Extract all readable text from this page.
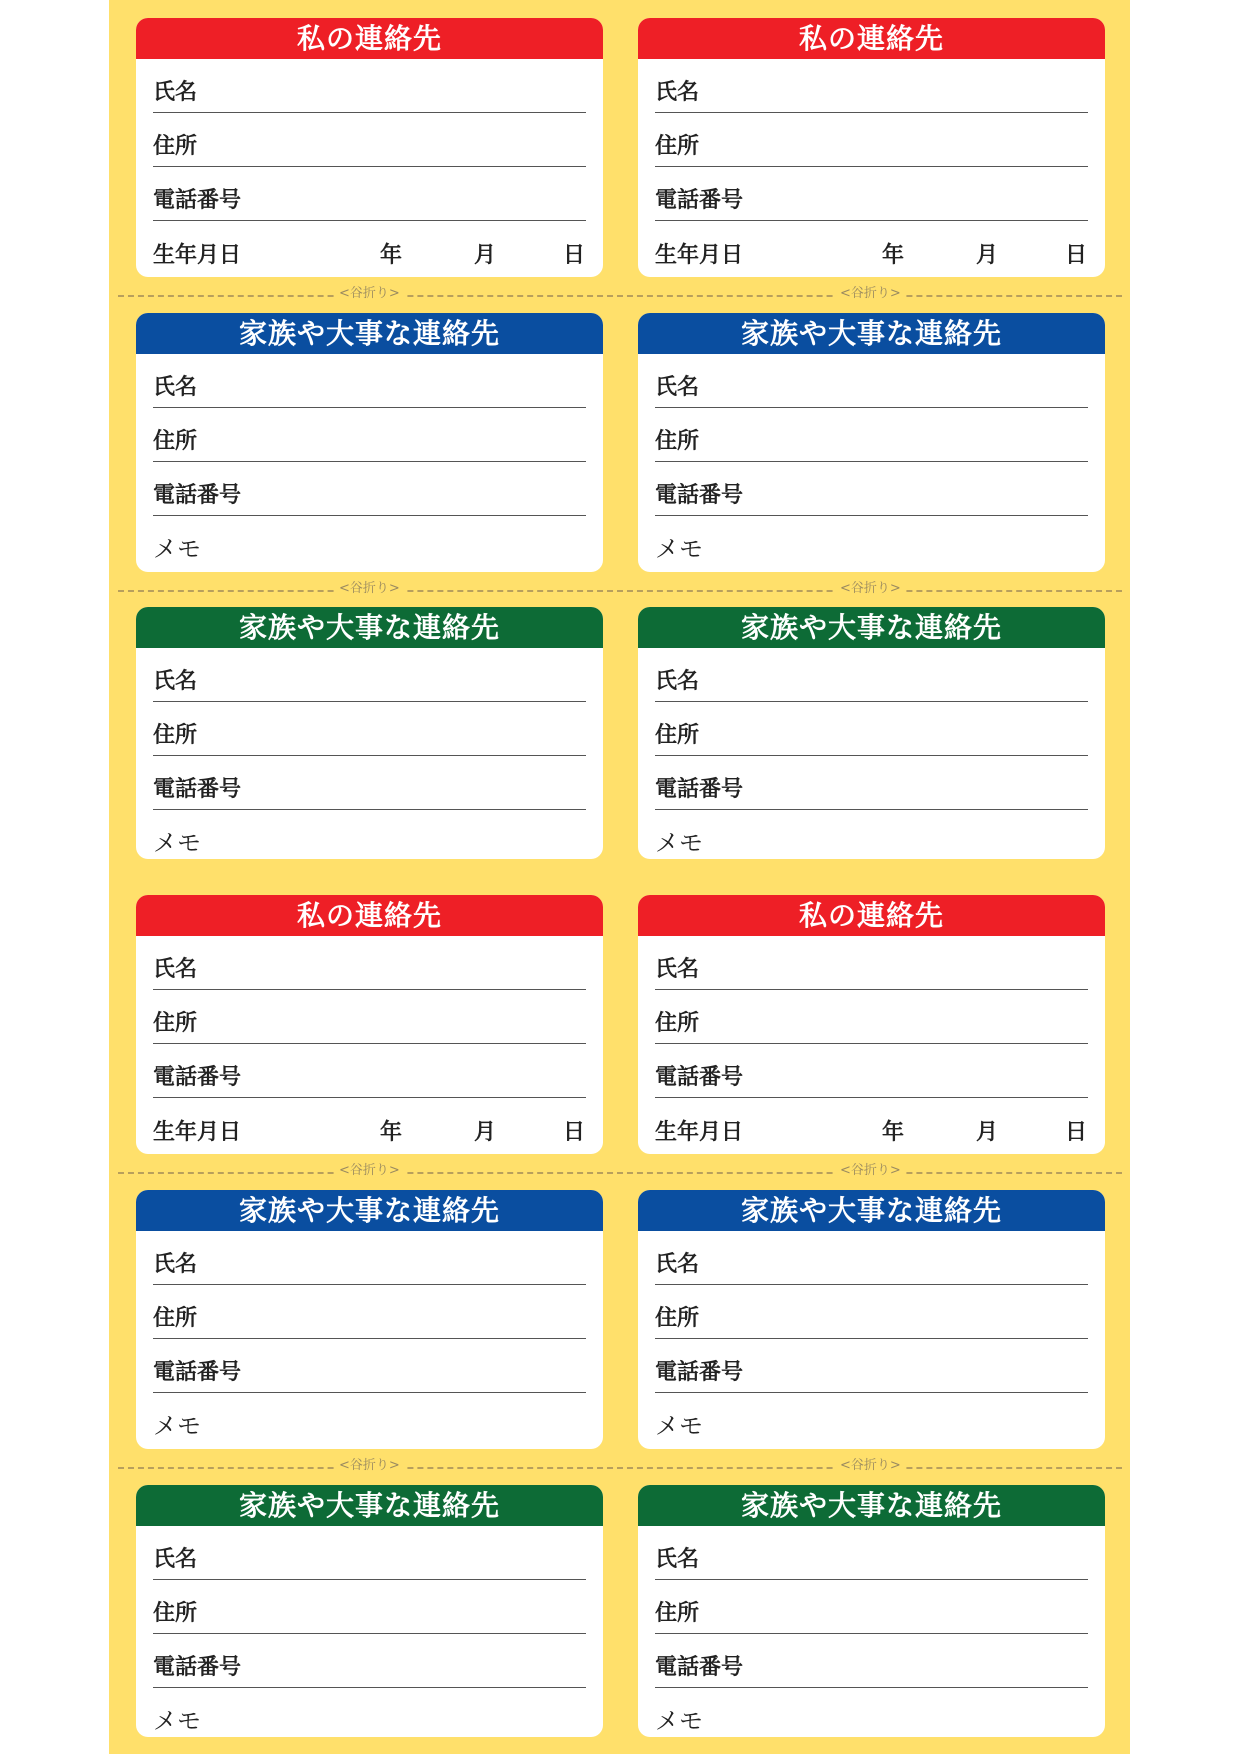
私の連絡先
氏名
住所
電話番号
生年月日	年	月	日
私の連絡先
氏名
住所
電話番号
生年月日	年	月	日
家族や大事な連絡先
氏名
住所
電話番号
メモ
家族や大事な連絡先
氏名
住所
電話番号
メモ
家族や大事な連絡先
氏名
住所
電話番号
メモ
家族や大事な連絡先
氏名
住所
電話番号
メモ
私の連絡先
氏名
住所
電話番号
生年月日	年	月	日
私の連絡先
氏名
住所
電話番号
生年月日	年	月	日
家族や大事な連絡先
氏名
住所
電話番号
メモ
家族や大事な連絡先
氏名
住所
電話番号
メモ
家族や大事な連絡先
氏名
住所
電話番号
メモ
家族や大事な連絡先
氏名
住所
電話番号
メモ
<谷折り>	<谷折り>
<谷折り>	<谷折り>
<谷折り>	<谷折り>
<谷折り>	<谷折り>
